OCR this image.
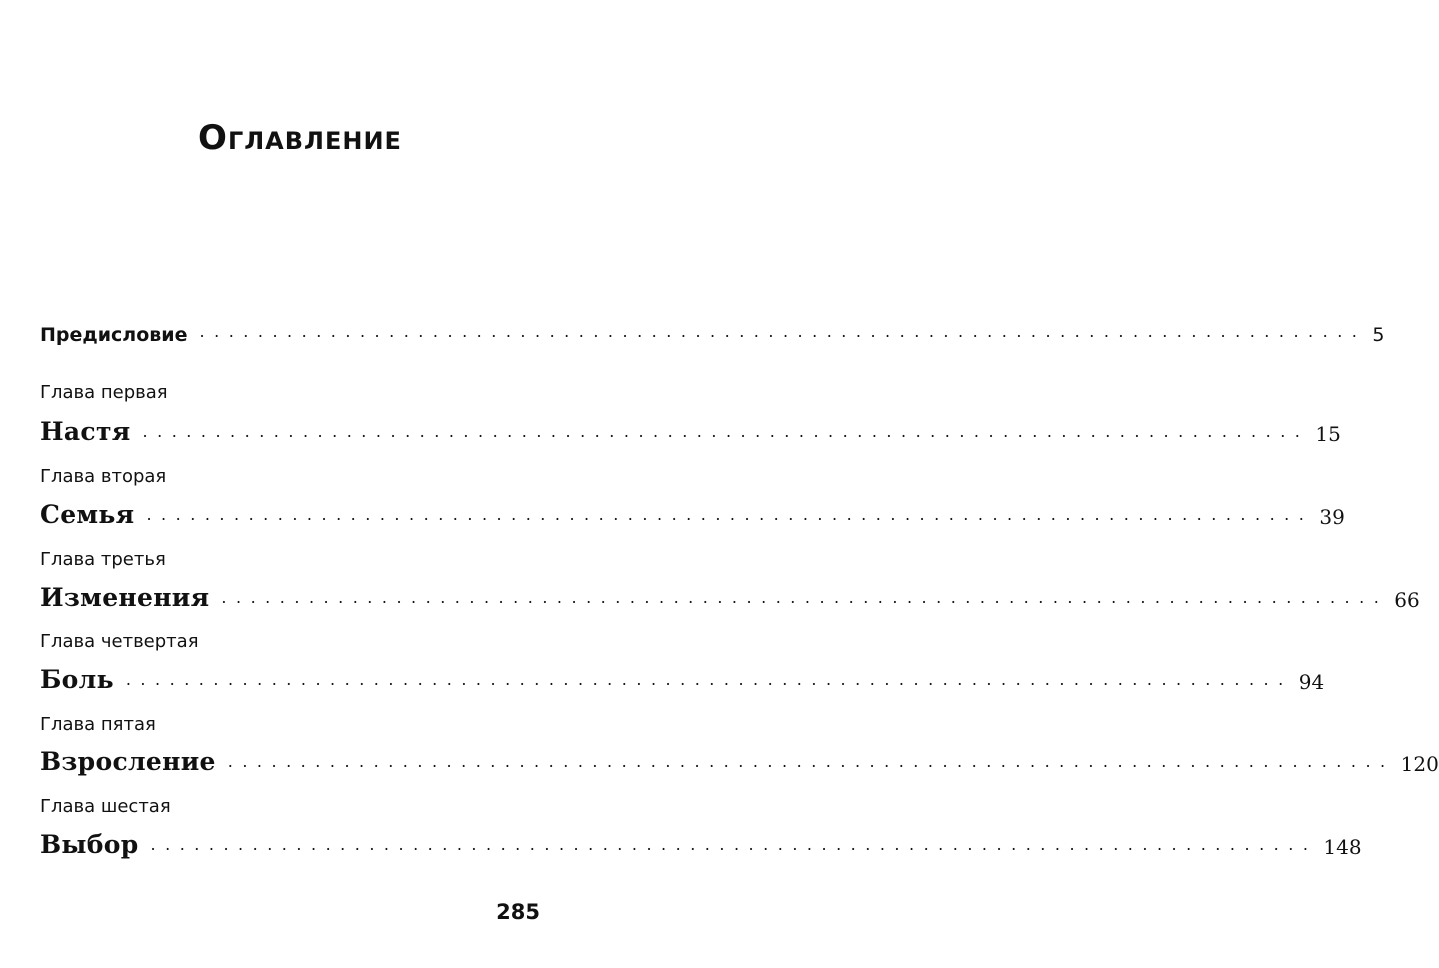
Оглавление
Предисловие ................................................................................ 5
Глава первая
Настя ................................................................................ 15
Глава вторая
Семья ................................................................................ 39
Глава третья
Изменения ................................................................................ 66
Глава четвертая
Боль ................................................................................ 94
Глава пятая
Взросление ................................................................................ 120
Глава шестая
Выбор ................................................................................ 148
285
